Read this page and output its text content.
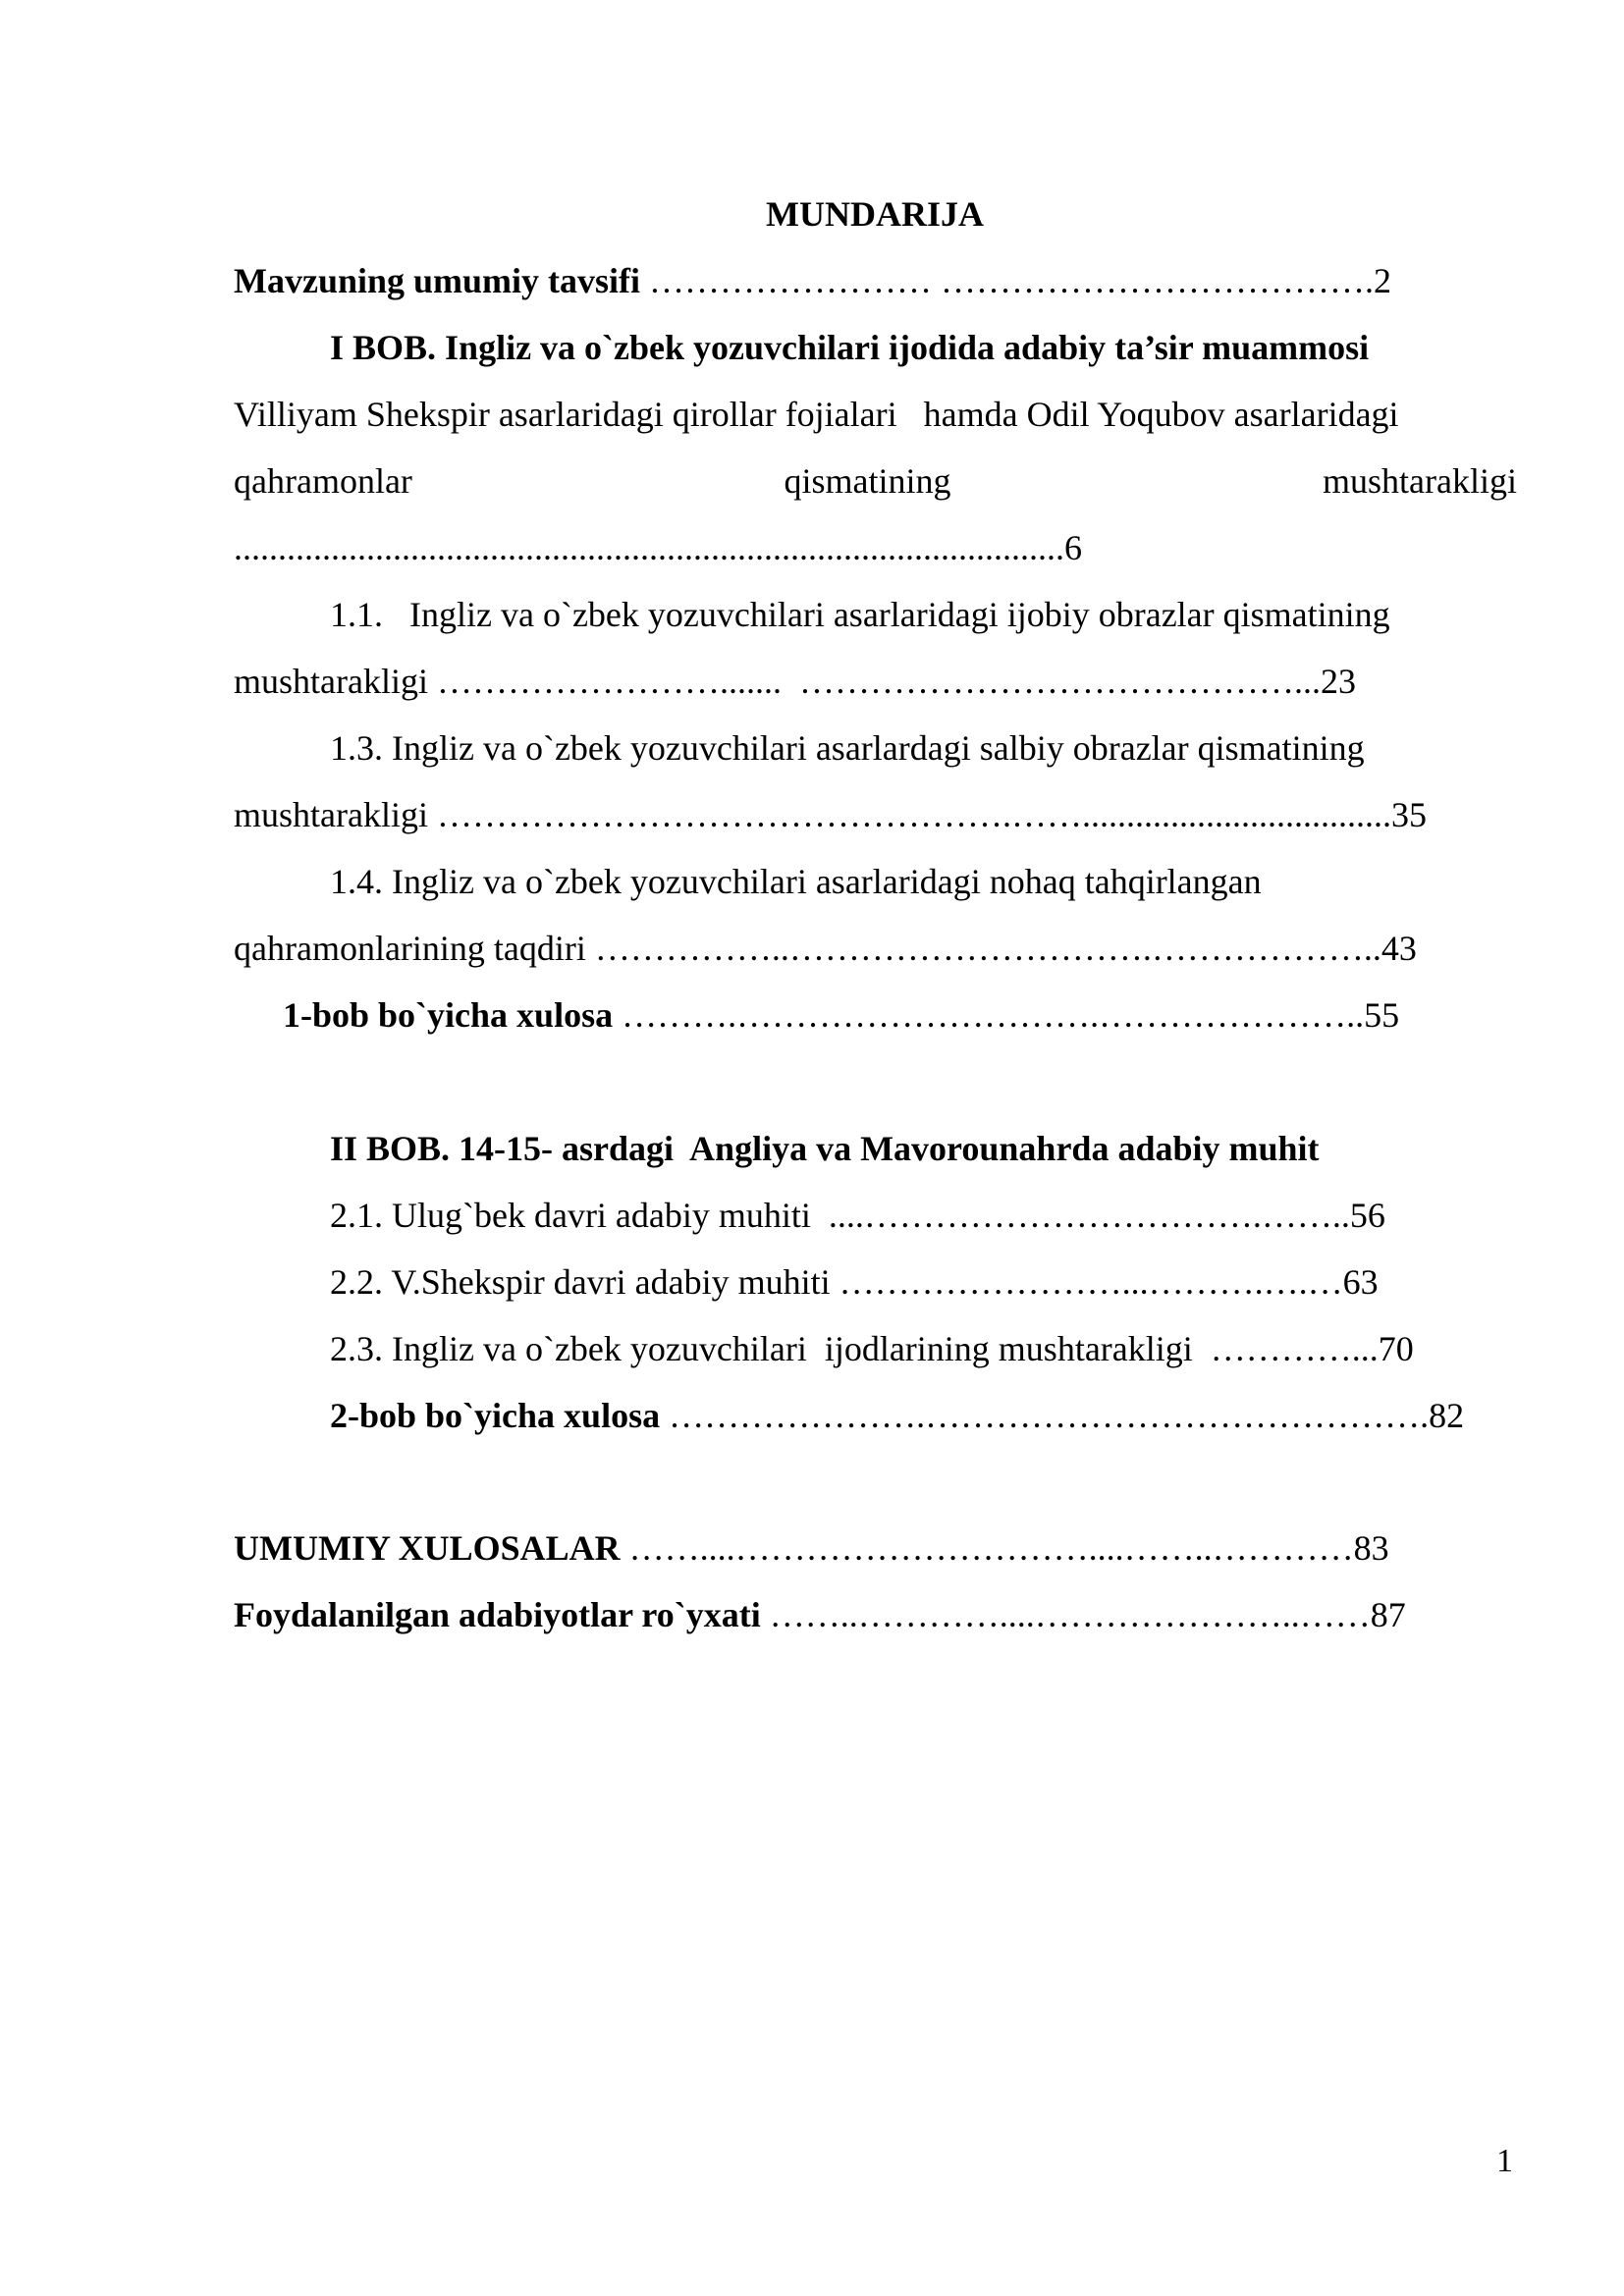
MUNDARIJA
Mavzuning umumiy tavsifi …………………… ……………………………….2
I BOB. Ingliz va o`zbek yozuvchilari ijodida adabiy ta’sir muammosi
Villiyam Shekspir asarlaridagi qirollar fojialari   hamda Odil Yoqubov asarlaridagi
qahramonlar	qismatining	mushtarakligi
..............................................................................................6
1.1.   Ingliz va o`zbek yozuvchilari asarlaridagi ijobiy obrazlar qismatining
mushtarakligi …………………….......  ……………………………………...23
1.3. Ingliz va o`zbek yozuvchilari asarlardagi salbiy obrazlar qismatining
mushtarakligi ………………………………………….……...................................35
1.4. Ingliz va o`zbek yozuvchilari asarlaridagi nohaq tahqirlangan
qahramonlarining taqdiri ……………..………………………….………………..43
1-bob bo`yicha xulosa ……….………………………….…………………..55
II BOB. 14-15- asrdagi  Angliya va Mavorounahrda adabiy muhit
2.1. Ulug`bek davri adabiy muhiti  ....…………………………….……..56
2.2. V.Shekspir davri adabiy muhiti ……………………...……….….…63
2.3. Ingliz va o`zbek yozuvchilari  ijodlarining mushtarakligi  …………...70
2-bob bo`yicha xulosa ………………….…………………………………….82
UMUMIY XULOSALAR ……....…………………………....……..…………83
Foydalanilgan adabiyotlar ro`yxati ……..…………....…………………..……87
1
